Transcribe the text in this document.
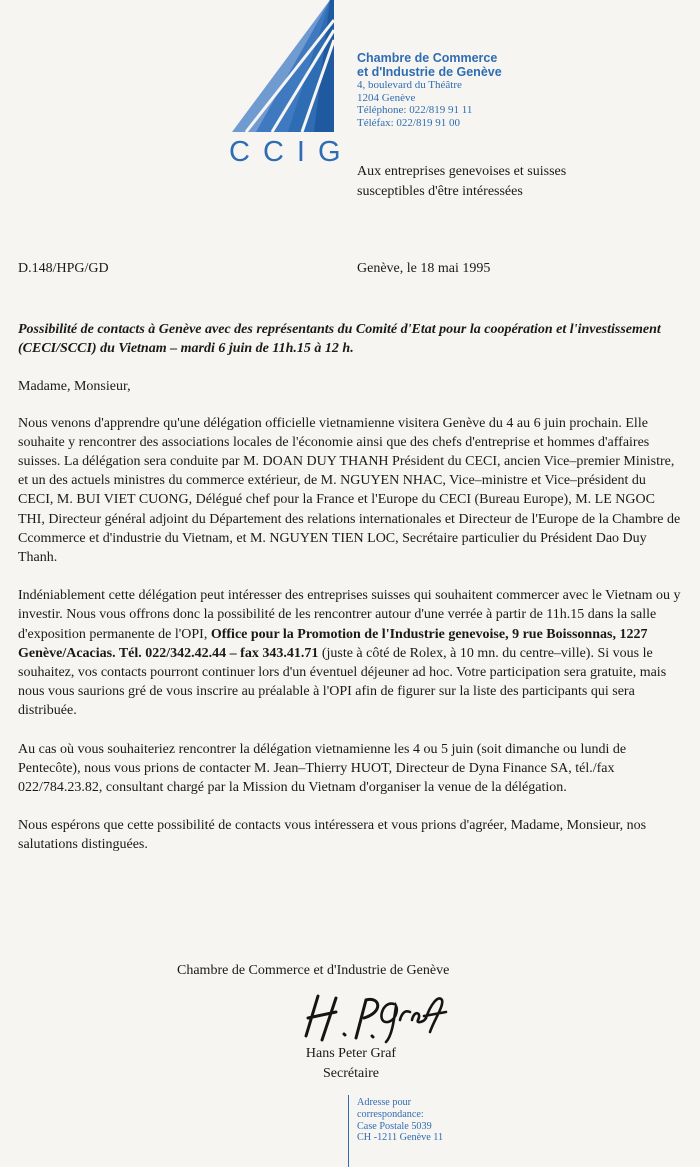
CCIG
Chambre de Commerce
et d'Industrie de Genève
4, boulevard du Théâtre
1204 Genève
Téléphone: 022/819 91 11
Téléfax: 022/819 91 00
Aux entreprises genevoises et suisses
susceptibles d'être intéressées
D.148/HPG/GD	Genève, le 18 mai 1995

Possibilité de contacts à Genève avec des représentants du Comité d'Etat pour la coopération et l'investissement (CECI/SCCI) du Vietnam – mardi 6 juin de 11h.15 à 12 h.

Madame, Monsieur,

Nous venons d'apprendre qu'une délégation officielle vietnamienne visitera Genève du 4 au 6 juin prochain. Elle souhaite y rencontrer des associations locales de l'économie ainsi que des chefs d'entreprise et hommes d'affaires suisses. La délégation sera conduite par M. DOAN DUY THANH Président du CECI, ancien Vice–premier Ministre, et un des actuels ministres du commerce extérieur, de M. NGUYEN NHAC, Vice–ministre et Vice–président du CECI, M. BUI VIET CUONG, Délégué chef pour la France et l'Europe du CECI (Bureau Europe), M. LE NGOC THI, Directeur général adjoint du Département des relations internationales et Directeur de l'Europe de la Chambre de Ccommerce et d'industrie du Vietnam, et M. NGUYEN TIEN LOC, Secrétaire particulier du Président Dao Duy Thanh.

Indéniablement cette délégation peut intéresser des entreprises suisses qui souhaitent commercer avec le Vietnam ou y investir. Nous vous offrons donc la possibilité de les rencontrer autour d'une verrée à partir de 11h.15 dans la salle d'exposition permanente de l'OPI, Office pour la Promotion de l'Industrie genevoise, 9 rue Boissonnas, 1227 Genève/Acacias. Tél. 022/342.42.44 – fax 343.41.71 (juste à côté de Rolex, à 10 mn. du centre–ville). Si vous le souhaitez, vos contacts pourront continuer lors d'un éventuel déjeuner ad hoc. Votre participation sera gratuite, mais nous vous saurions gré de vous inscrire au préalable à l'OPI afin de figurer sur la liste des participants qui sera distribuée.

Au cas où vous souhaiteriez rencontrer la délégation vietnamienne les 4 ou 5 juin (soit dimanche ou lundi de Pentecôte), nous vous prions de contacter M. Jean–Thierry HUOT, Directeur de Dyna Finance SA, tél./fax 022/784.23.82, consultant chargé par la Mission du Vietnam d'organiser la venue de la délégation.

Nous espérons que cette possibilité de contacts vous intéressera et vous prions d'agréer, Madame, Monsieur, nos salutations distinguées.

Chambre de Commerce et d'Industrie de Genève
Hans Peter Graf
Secrétaire
Adresse pour
correspondance:
Case Postale 5039
CH -1211 Genève 11
